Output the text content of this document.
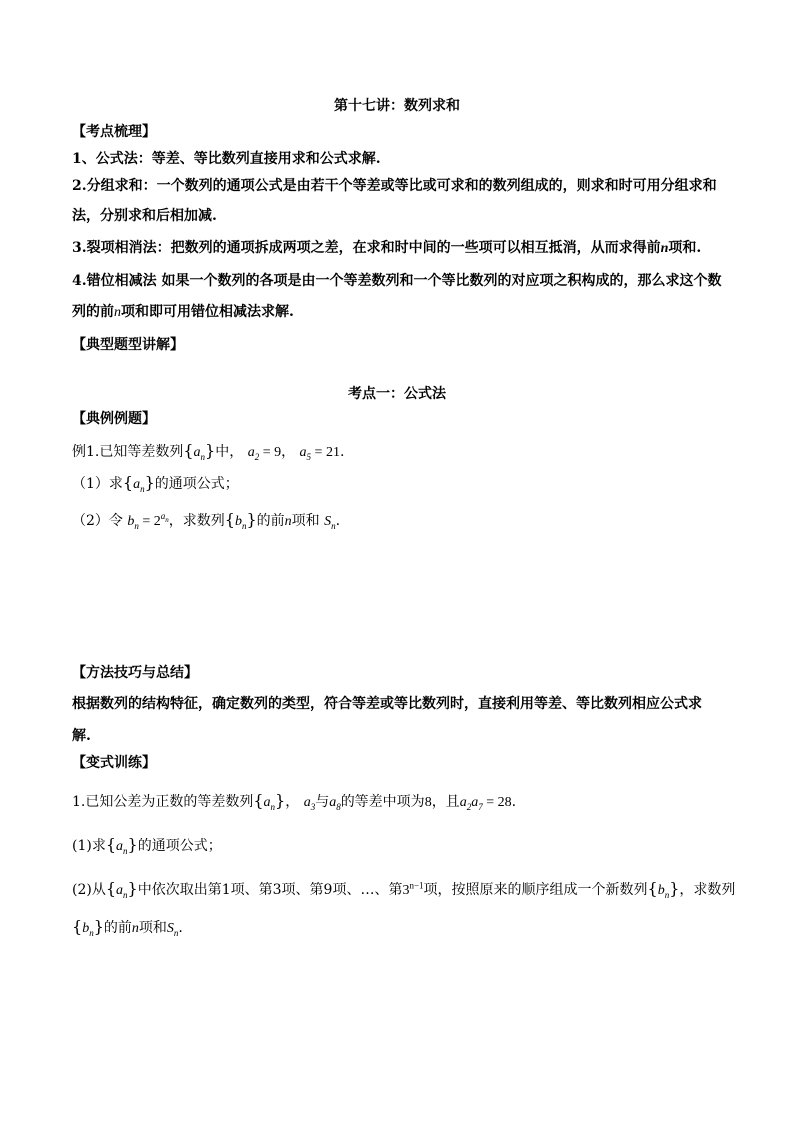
第十七讲：数列求和
【考点梳理】
1、公式法：等差、等比数列直接用求和公式求解.
2.分组求和：一个数列的通项公式是由若干个等差或等比或可求和的数列组成的，则求和时可用分组求和
法，分别求和后相加减.
3.裂项相消法：把数列的通项拆成两项之差，在求和时中间的一些项可以相互抵消，从而求得前n项和.
4.错位相减法 如果一个数列的各项是由一个等差数列和一个等比数列的对应项之积构成的，那么求这个数
列的前n项和即可用错位相减法求解.
【典型题型讲解】
考点一：公式法
【典例例题】
例1.已知等差数列$\{a_n\}$中， $a_2 = 9$， $a_5 = 21$.
（1）求$\{a_n\}$的通项公式；
（2）令 $b_n = 2^{a_n}$，求数列$\{b_n\}$的前n项和 $S_n$.
【方法技巧与总结】
根据数列的结构特征，确定数列的类型，符合等差或等比数列时，直接利用等差、等比数列相应公式求
解.
【变式训练】
1.已知公差为正数的等差数列$\{a_n\}$， $a_3$与$a_8$的等差中项为8，且$a_2a_7 = 28$.
(1)求$\{a_n\}$的通项公式；
(2)从$\{a_n\}$中依次取出第1项、第3项、第9项、…、第$3^{n-1}$项，按照原来的顺序组成一个新数列$\{b_n\}$，求数列
$\{b_n\}$的前n项和$S_n$.
